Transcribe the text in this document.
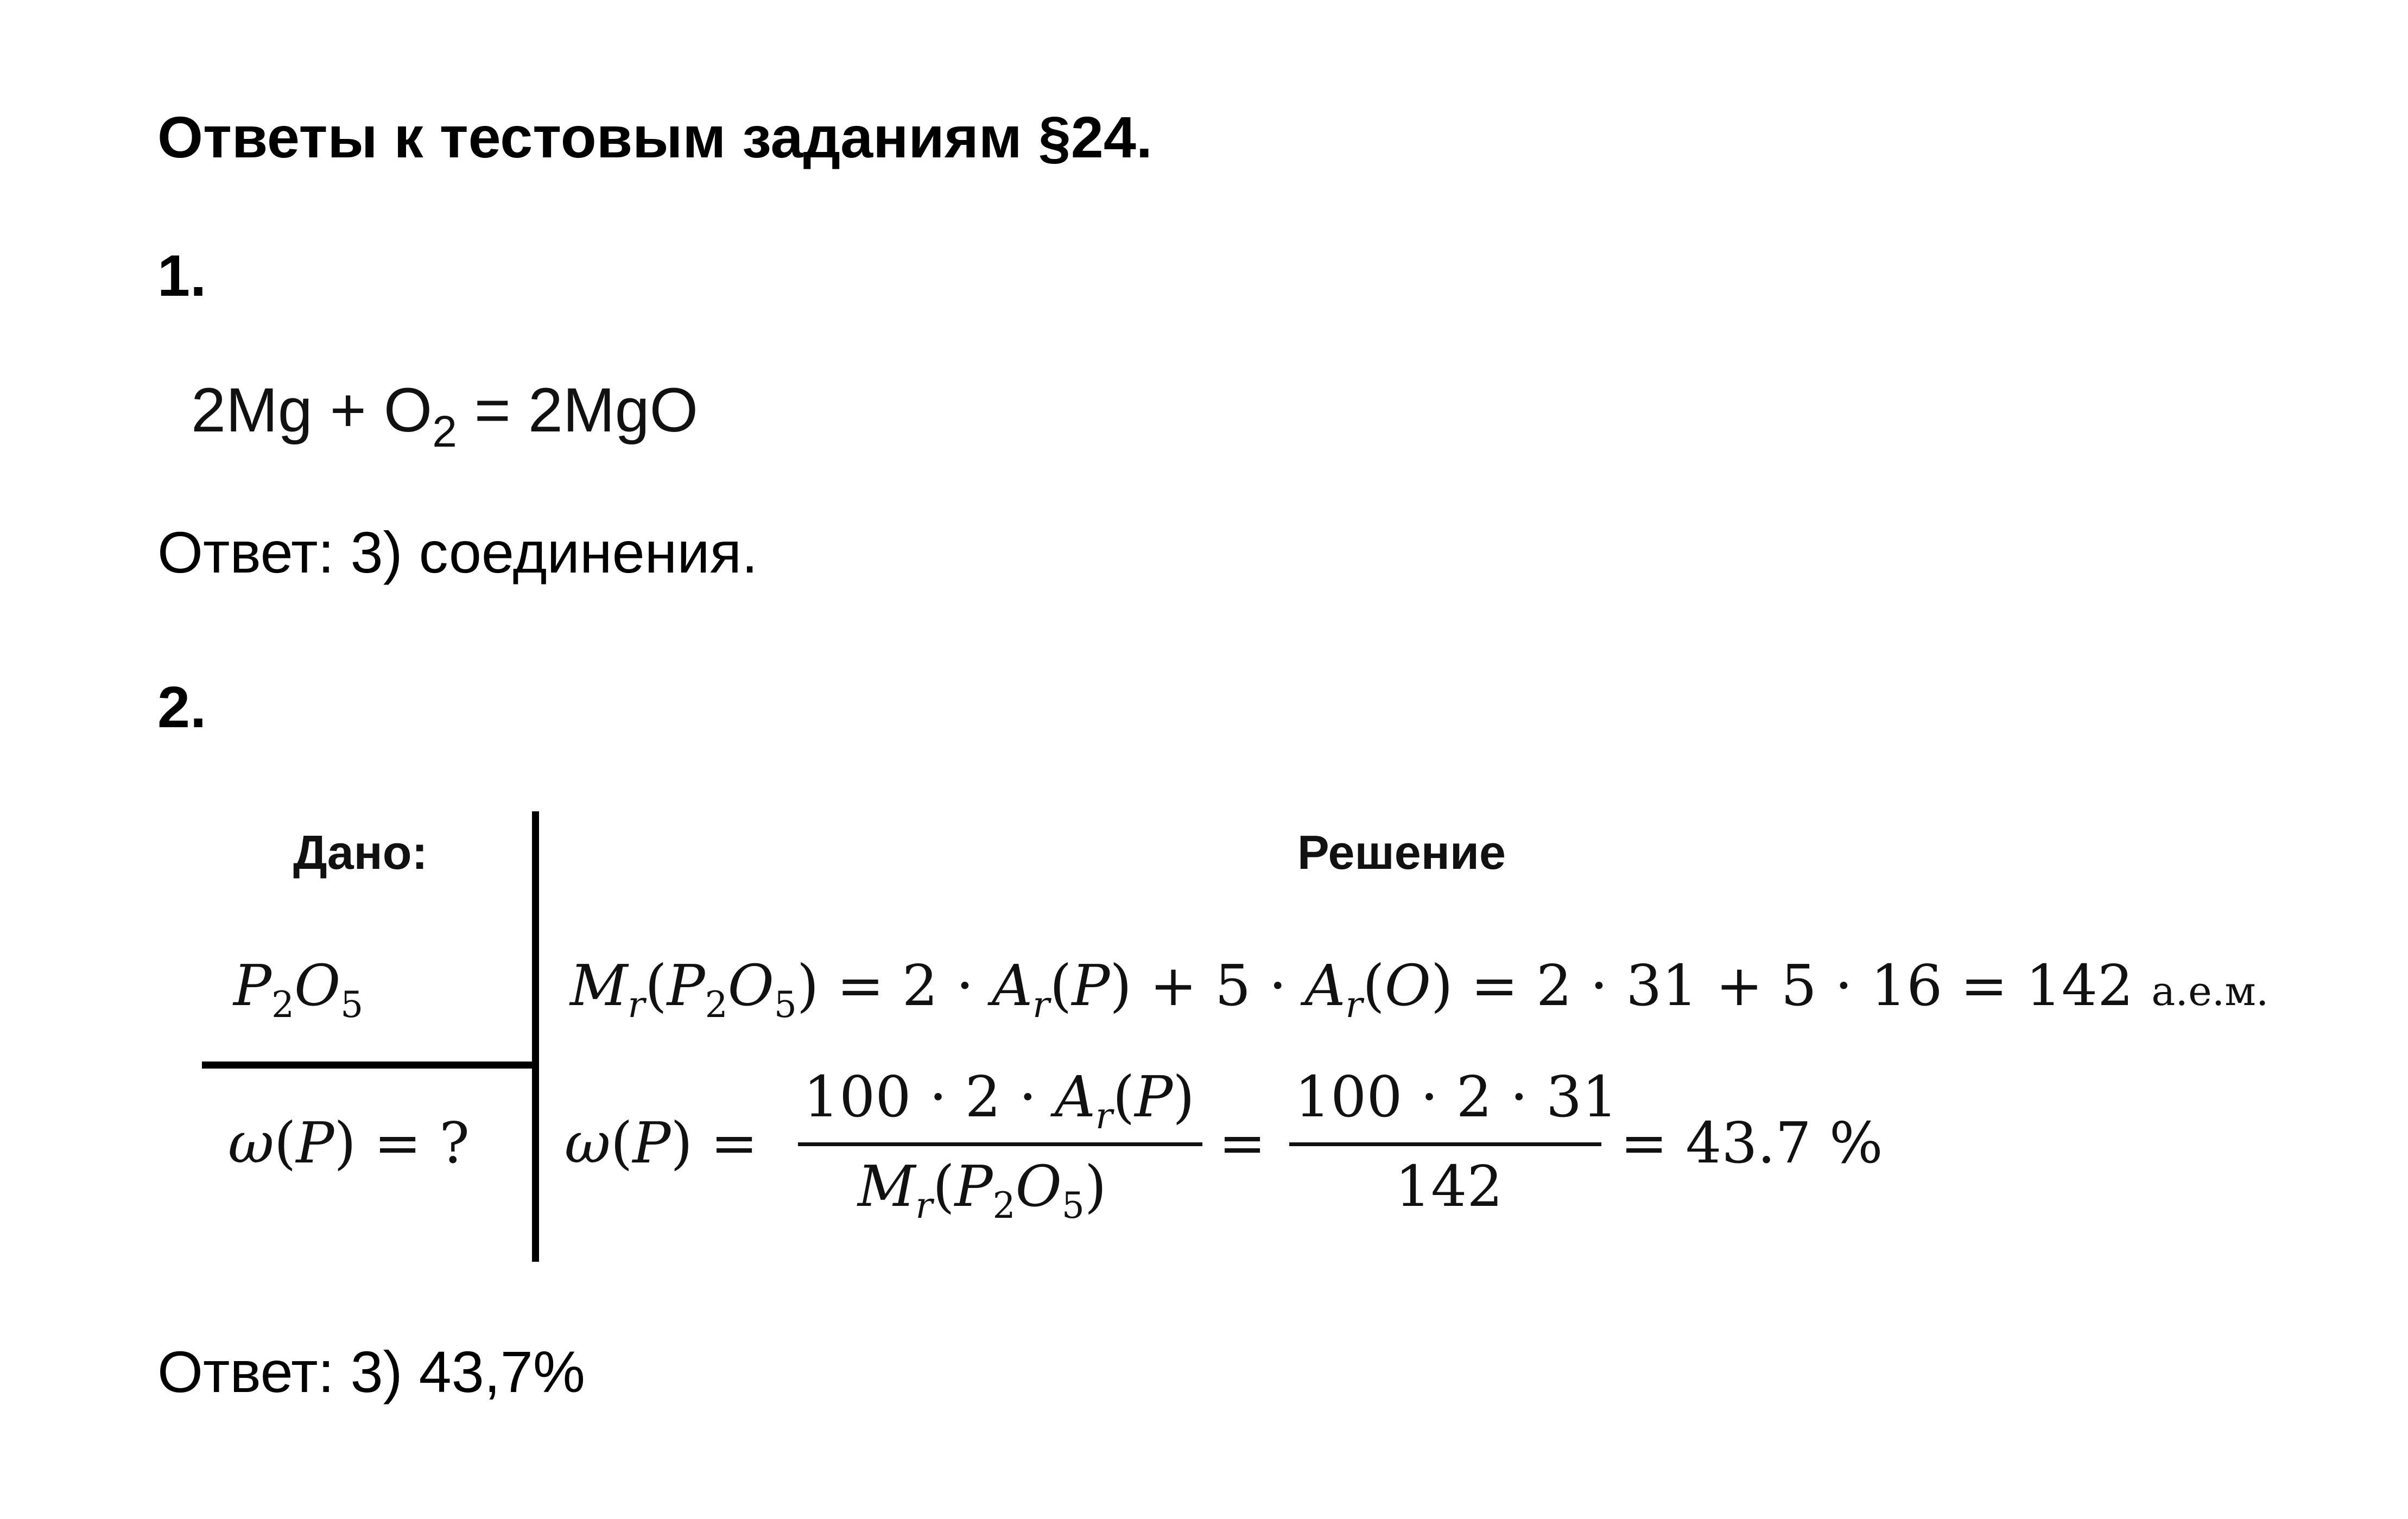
Ответы к тестовым заданиям §24.
1.
$2Mg + O_2 = 2MgO$
Ответ: 3) соединения.
2.
Дано:	Решение
$P_2O_5$
ω(P) = ?
$M_r(P_2O_5) = 2 \cdot A_r(P) + 5 \cdot A_r(O) = 2 \cdot 31 + 5 \cdot 16 = 142$ а.е.м.
ω(P) =
$100 \cdot 2 \cdot A_r(P)$
$M_r(P_2O_5)$
=
100 · 2 · 31
142
= 43.7 %
Ответ: 3) 43,7%
